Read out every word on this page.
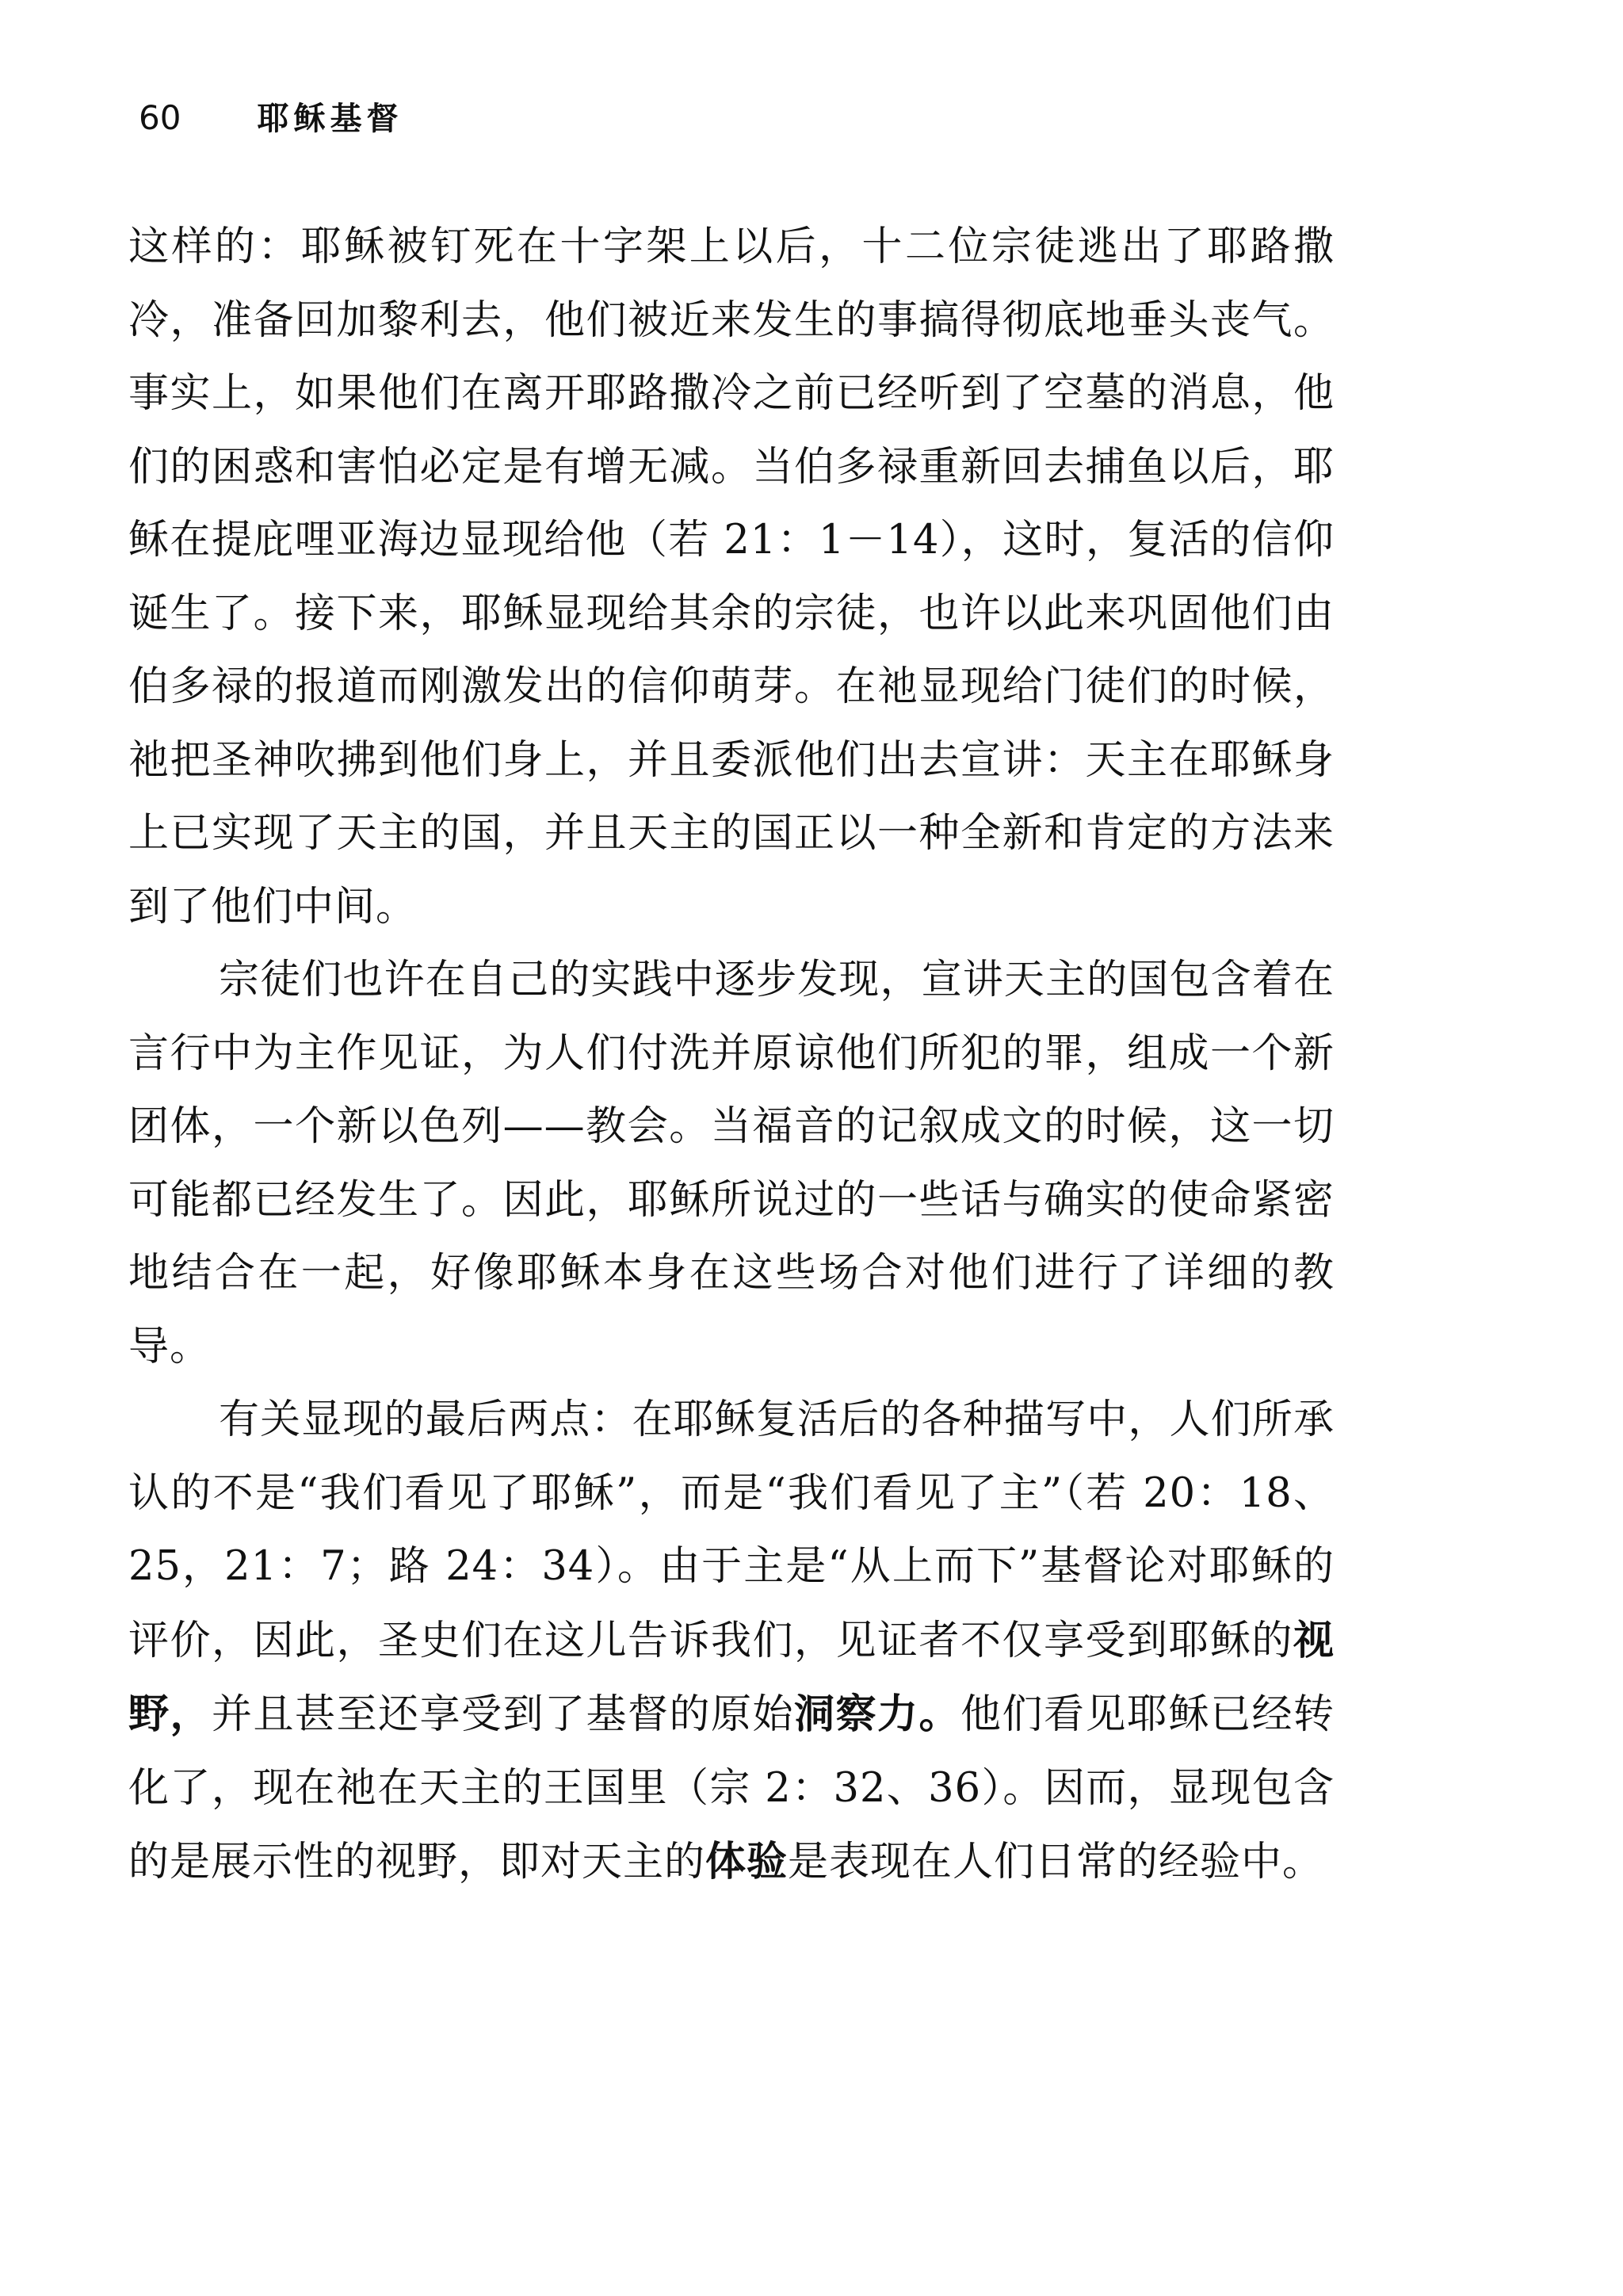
60 耶稣基督

这样的：耶稣被钉死在十字架上以后，十二位宗徒逃出了耶路撒冷，准备回加黎利去，他们被近来发生的事搞得彻底地垂头丧气。事实上，如果他们在离开耶路撒冷之前已经听到了空墓的消息，他们的困惑和害怕必定是有增无减。当伯多禄重新回去捕鱼以后，耶稣在提庇哩亚海边显现给他（若 21：1－14），这时，复活的信仰诞生了。接下来，耶稣显现给其余的宗徒，也许以此来巩固他们由伯多禄的报道而刚激发出的信仰萌芽。在祂显现给门徒们的时候，祂把圣神吹拂到他们身上，并且委派他们出去宣讲：天主在耶稣身上已实现了天主的国，并且天主的国正以一种全新和肯定的方法来到了他们中间。

宗徒们也许在自己的实践中逐步发现，宣讲天主的国包含着在言行中为主作见证，为人们付洗并原谅他们所犯的罪，组成一个新团体，一个新以色列——教会。当福音的记叙成文的时候，这一切可能都已经发生了。因此，耶稣所说过的一些话与确实的使命紧密地结合在一起，好像耶稣本身在这些场合对他们进行了详细的教导。

有关显现的最后两点：在耶稣复活后的各种描写中，人们所承认的不是“我们看见了耶稣”，而是“我们看见了主”（若 20：18、25，21：7；路 24：34）。由于主是“从上而下”基督论对耶稣的评价，因此，圣史们在这儿告诉我们，见证者不仅享受到耶稣的视野，并且甚至还享受到了基督的原始洞察力。他们看见耶稣已经转化了，现在祂在天主的王国里（宗 2：32、36）。因而，显现包含的是展示性的视野，即对天主的体验是表现在人们日常的经验中。
